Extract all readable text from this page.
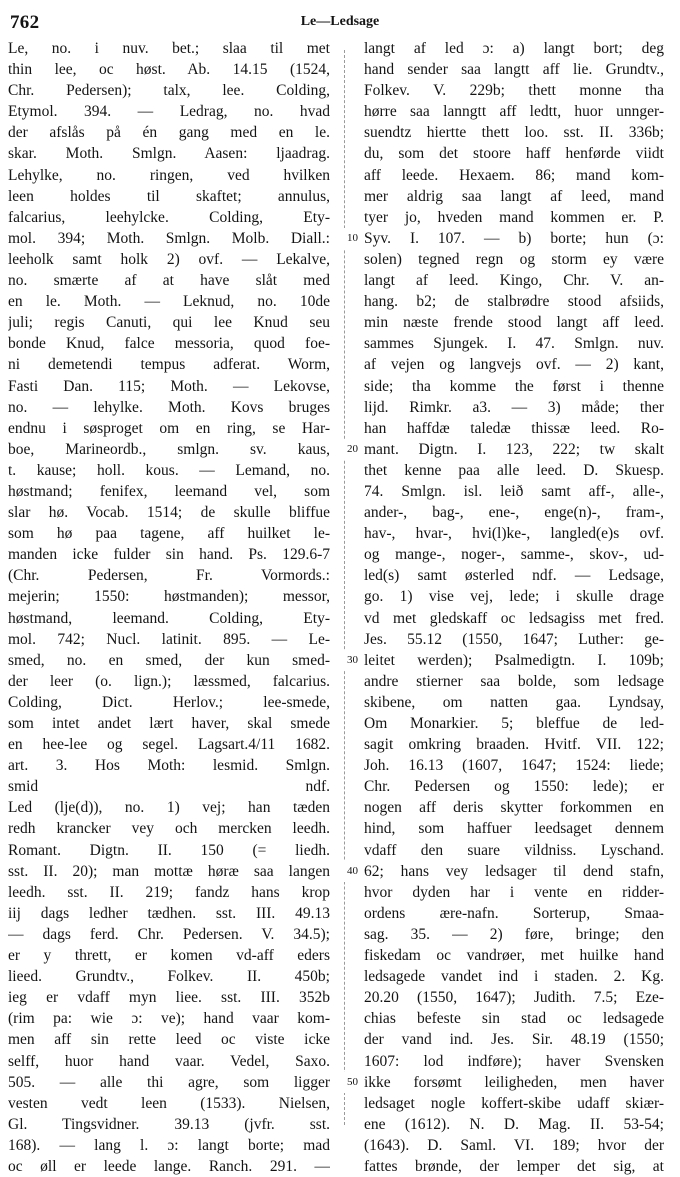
762	Le—Ledsage
Le, no. i nuv. bet.; slaa til met
thin lee, oc høst. Ab. 14.15 (1524,
Chr. Pedersen); talx, lee. Colding,
Etymol. 394. — Ledrag, no. hvad
der afslås på én gang med en le.
skar. Moth. Smlgn. Aasen: ljaadrag.
Lehylke, no. ringen, ved hvilken
leen holdes til skaftet; annulus,
falcarius, leehylcke. Colding, Ety-
mol. 394; Moth. Smlgn. Molb. Diall.:
leeholk samt holk 2) ovf. — Lekalve,
no. smærte af at have slåt med
en le. Moth. — Leknud, no. 10de
juli; regis Canuti, qui lee Knud seu
bonde Knud, falce messoria, quod foe-
ni demetendi tempus adferat. Worm,
Fasti Dan. 115; Moth. — Lekovse,
no. — lehylke. Moth. Kovs bruges
endnu i søsproget om en ring, se Har-
boe, Marineordb., smlgn. sv. kaus,
t. kause; holl. kous. — Lemand, no.
høstmand; fenifex, leemand vel, som
slar hø. Vocab. 1514; de skulle bliffue
som hø paa tagene, aff huilket le-
manden icke fulder sin hand. Ps. 129.6-7
(Chr. Pedersen, Fr. Vormords.:
mejerin; 1550: høstmanden); messor,
høstmand, leemand. Colding, Ety-
mol. 742; Nucl. latinit. 895. — Le-
smed, no. en smed, der kun smed-
der leer (o. lign.); læssmed, falcarius.
Colding, Dict. Herlov.; lee-smede,
som intet andet lært haver, skal smede
en hee-lee og segel. Lagsart.4/11 1682.
art. 3. Hos Moth: lesmid. Smlgn.
smid ndf.
Led (lje(d)), no. 1) vej; han tæden
redh krancker vey och mercken leedh.
Romant. Digtn. II. 150 (= liedh.
sst. II. 20); man mottæ høræ saa langen
leedh. sst. II. 219; fandz hans krop
iij dags ledher tædhen. sst. III. 49.13
— dags ferd. Chr. Pedersen. V. 34.5);
er y thrett, er komen vd-aff eders
lieed. Grundtv., Folkev. II. 450b;
ieg er vdaff myn liee. sst. III. 352b
(rim pa: wie ɔ: ve); hand vaar kom-
men aff sin rette leed oc viste icke
selff, huor hand vaar. Vedel, Saxo.
505. — alle thi agre, som ligger
vesten vedt leen (1533). Nielsen,
Gl. Tingsvidner. 39.13 (jvfr. sst.
168). — lang l. ɔ: langt borte; mad
oc øll er leede lange. Ranch. 291. —
10
20
30
40
50
langt af led ɔ: a) langt bort; deg
hand sender saa langtt aff lie. Grundtv.,
Folkev. V. 229b; thett monne tha
hørre saa lanngtt aff ledtt, huor unnger-
suendtz hiertte thett loo. sst. II. 336b;
du, som det stoore haff henførde viidt
aff leede. Hexaem. 86; mand kom-
mer aldrig saa langt af leed, mand
tyer jo, hveden mand kommen er. P.
Syv. I. 107. — b) borte; hun (ɔ:
solen) tegned regn og storm ey være
langt af leed. Kingo, Chr. V. an-
hang. b2; de stalbrødre stood afsiids,
min næste frende stood langt aff leed.
sammes Sjungek. I. 47. Smlgn. nuv.
af vejen og langvejs ovf. — 2) kant,
side; tha komme the først i thenne
lijd. Rimkr. a3. — 3) måde; ther
han haffdæ taledæ thissæ leed. Ro-
mant. Digtn. I. 123, 222; tw skalt
thet kenne paa alle leed. D. Skuesp.
74. Smlgn. isl. leið samt aff-, alle-,
ander-, bag-, ene-, enge(n)-, fram-,
hav-, hvar-, hvi(l)ke-, langled(e)s ovf.
og mange-, noger-, samme-, skov-, ud-
led(s) samt østerled ndf. — Ledsage,
go. 1) vise vej, lede; i skulle drage
vd met gledskaff oc ledsagiss met fred.
Jes. 55.12 (1550, 1647; Luther: ge-
leitet werden); Psalmedigtn. I. 109b;
andre stierner saa bolde, som ledsage
skibene, om natten gaa. Lyndsay,
Om Monarkier. 5; bleffue de led-
sagit omkring braaden. Hvitf. VII. 122;
Joh. 16.13 (1607, 1647; 1524: liede;
Chr. Pedersen og 1550: lede); er
nogen aff deris skytter forkommen en
hind, som haffuer leedsaget dennem
vdaff den suare vildniss. Lyschand.
62; hans vey ledsager til dend stafn,
hvor dyden har i vente en ridder-
ordens ære-nafn. Sorterup, Smaa-
sag. 35. — 2) føre, bringe; den
fiskedam oc vandrøer, met huilke hand
ledsagede vandet ind i staden. 2. Kg.
20.20 (1550, 1647); Judith. 7.5; Eze-
chias befeste sin stad oc ledsagede
der vand ind. Jes. Sir. 48.19 (1550;
1607: lod indføre); haver Svensken
ikke forsømt leiligheden, men haver
ledsaget nogle koffert-skibe udaff skiær-
ene (1612). N. D. Mag. II. 53-54;
(1643). D. Saml. VI. 189; hvor der
fattes brønde, der lemper det sig, at
